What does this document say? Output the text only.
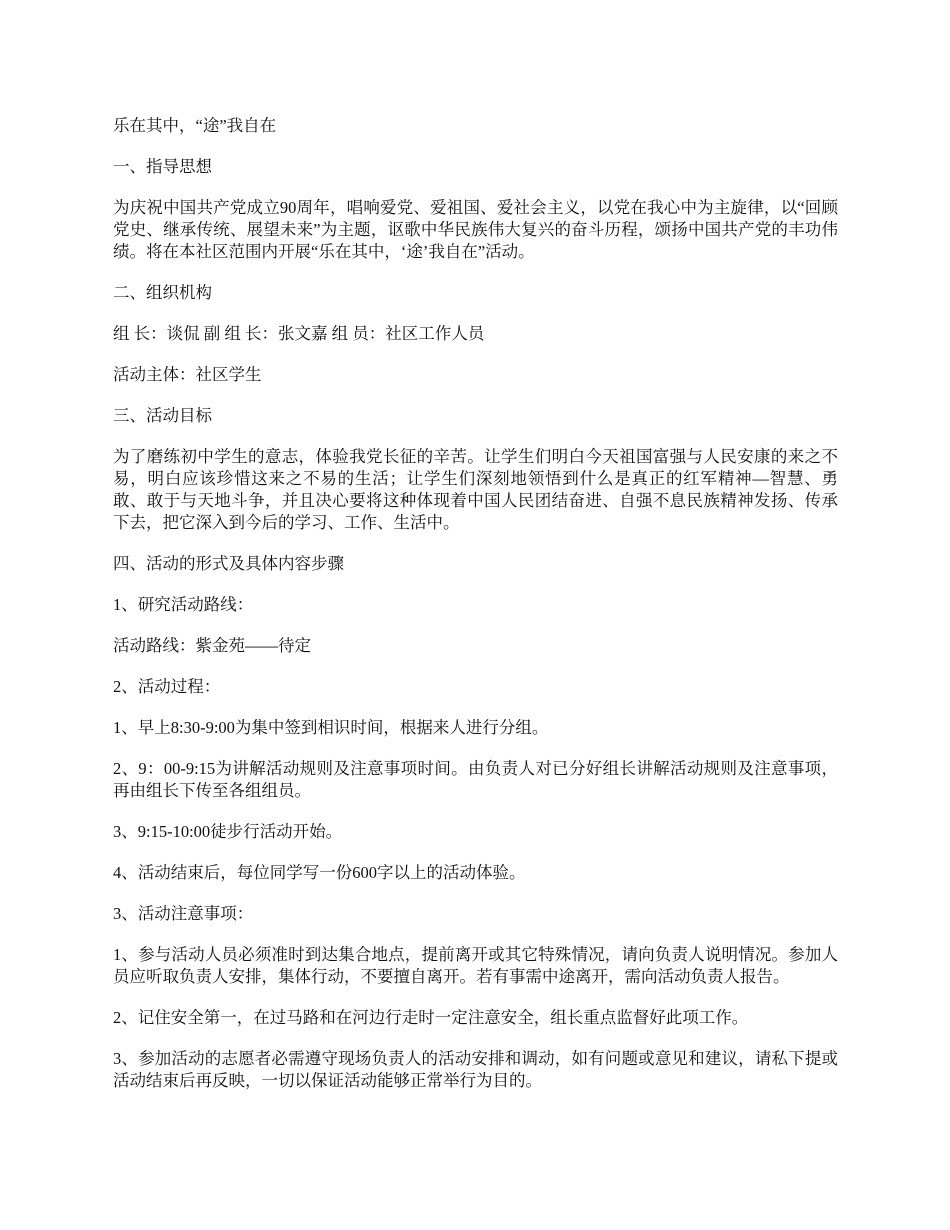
乐在其中，“途”我自在

一、指导思想

为庆祝中国共产党成立90周年，唱响爱党、爱祖国、爱社会主义，以党在我心中为主旋律，以“回顾党史、继承传统、展望未来”为主题，讴歌中华民族伟大复兴的奋斗历程，颂扬中国共产党的丰功伟绩。将在本社区范围内开展“乐在其中，‘途’我自在”活动。

二、组织机构

组 长：谈侃 副 组 长：张文嘉 组 员：社区工作人员

活动主体：社区学生

三、活动目标

为了磨练初中学生的意志，体验我党长征的辛苦。让学生们明白今天祖国富强与人民安康的来之不易，明白应该珍惜这来之不易的生活；让学生们深刻地领悟到什么是真正的红军精神—智慧、勇敢、敢于与天地斗争，并且决心要将这种体现着中国人民团结奋进、自强不息民族精神发扬、传承下去，把它深入到今后的学习、工作、生活中。

四、活动的形式及具体内容步骤

1、研究活动路线：

活动路线：紫金苑——待定

2、活动过程：

1、早上8:30-9:00为集中签到相识时间，根据来人进行分组。

2、9：00-9:15为讲解活动规则及注意事项时间。由负责人对已分好组长讲解活动规则及注意事项，再由组长下传至各组组员。

3、9:15-10:00徒步行活动开始。

4、活动结束后，每位同学写一份600字以上的活动体验。

3、活动注意事项：

1、参与活动人员必须准时到达集合地点，提前离开或其它特殊情况，请向负责人说明情况。参加人员应听取负责人安排，集体行动，不要擅自离开。若有事需中途离开，需向活动负责人报告。

2、记住安全第一，在过马路和在河边行走时一定注意安全，组长重点监督好此项工作。

3、参加活动的志愿者必需遵守现场负责人的活动安排和调动，如有问题或意见和建议，请私下提或活动结束后再反映，一切以保证活动能够正常举行为目的。
